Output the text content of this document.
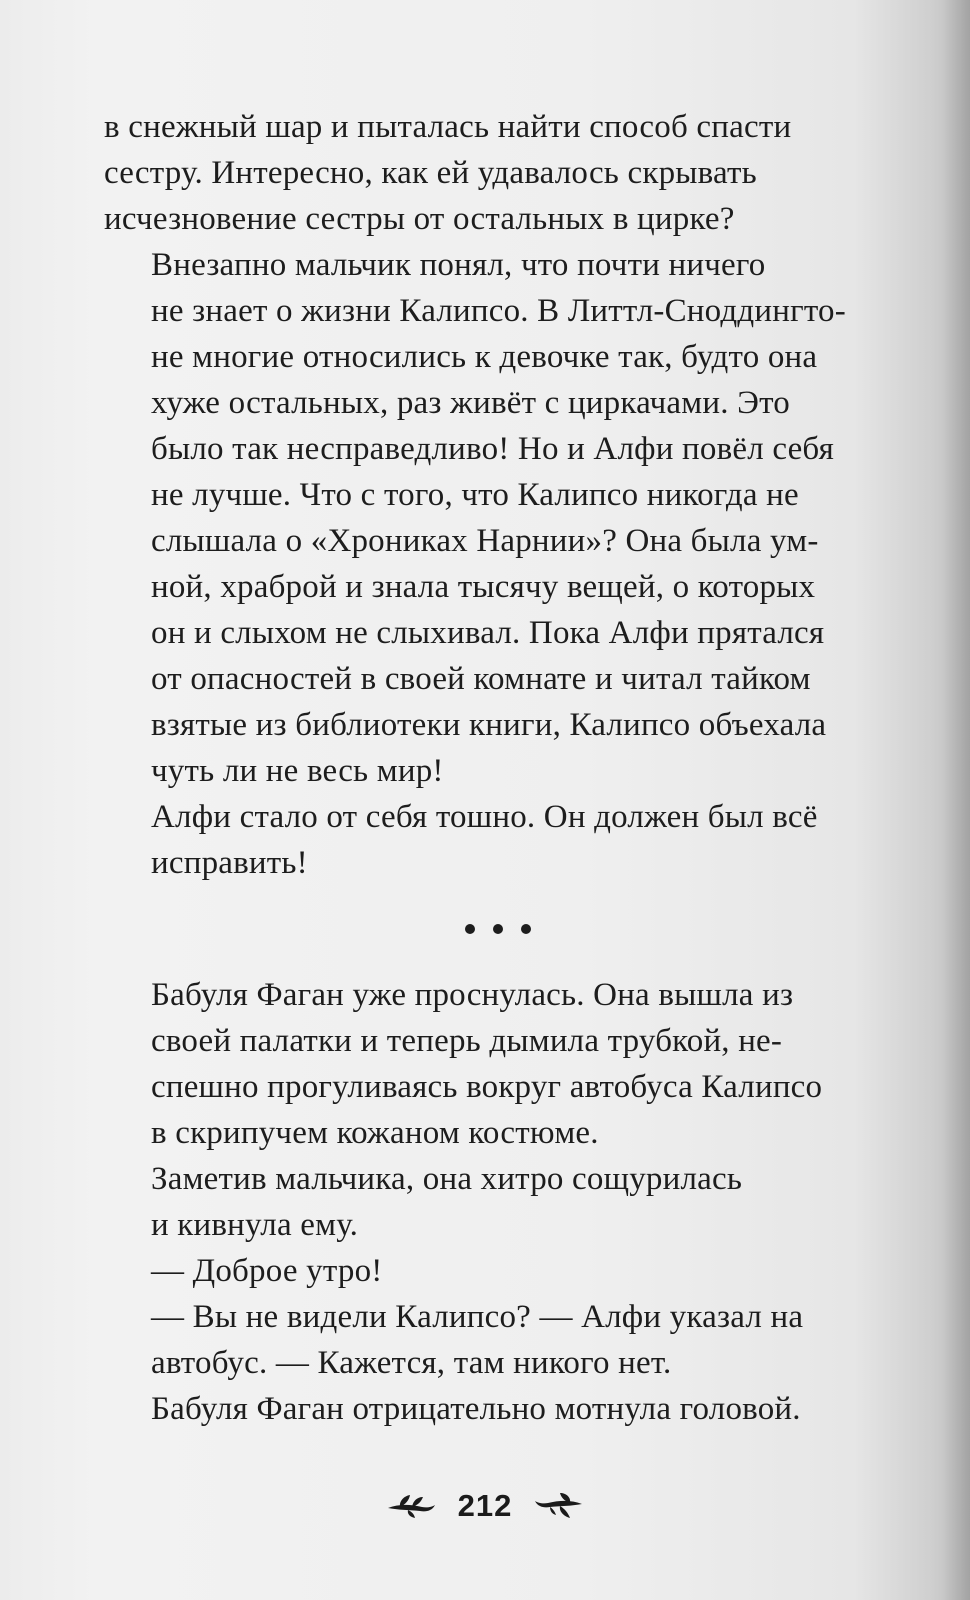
в снежный шар и пыталась найти способ спасти
сестру. Интересно, как ей удавалось скрывать
исчезновение сестры от остальных в цирке?

Внезапно мальчик понял, что почти ничего
не знает о жизни Калипсо. В Литтл-Сноддингто-
не многие относились к девочке так, будто она
хуже остальных, раз живёт с циркачами. Это
было так несправедливо! Но и Алфи повёл себя
не лучше. Что с того, что Калипсо никогда не
слышала о «Хрониках Нарнии»? Она была ум-
ной, храброй и знала тысячу вещей, о которых
он и слыхом не слыхивал. Пока Алфи прятался
от опасностей в своей комнате и читал тайком
взятые из библиотеки книги, Калипсо объехала
чуть ли не весь мир!

Алфи стало от себя тошно. Он должен был всё
исправить!

Бабуля Фаган уже проснулась. Она вышла из
своей палатки и теперь дымила трубкой, не-
спешно прогуливаясь вокруг автобуса Калипсо
в скрипучем кожаном костюме.

Заметив мальчика, она хитро сощурилась
и кивнула ему.

— Доброе утро!

— Вы не видели Калипсо? — Алфи указал на
автобус. — Кажется, там никого нет.

Бабуля Фаган отрицательно мотнула головой.

212
